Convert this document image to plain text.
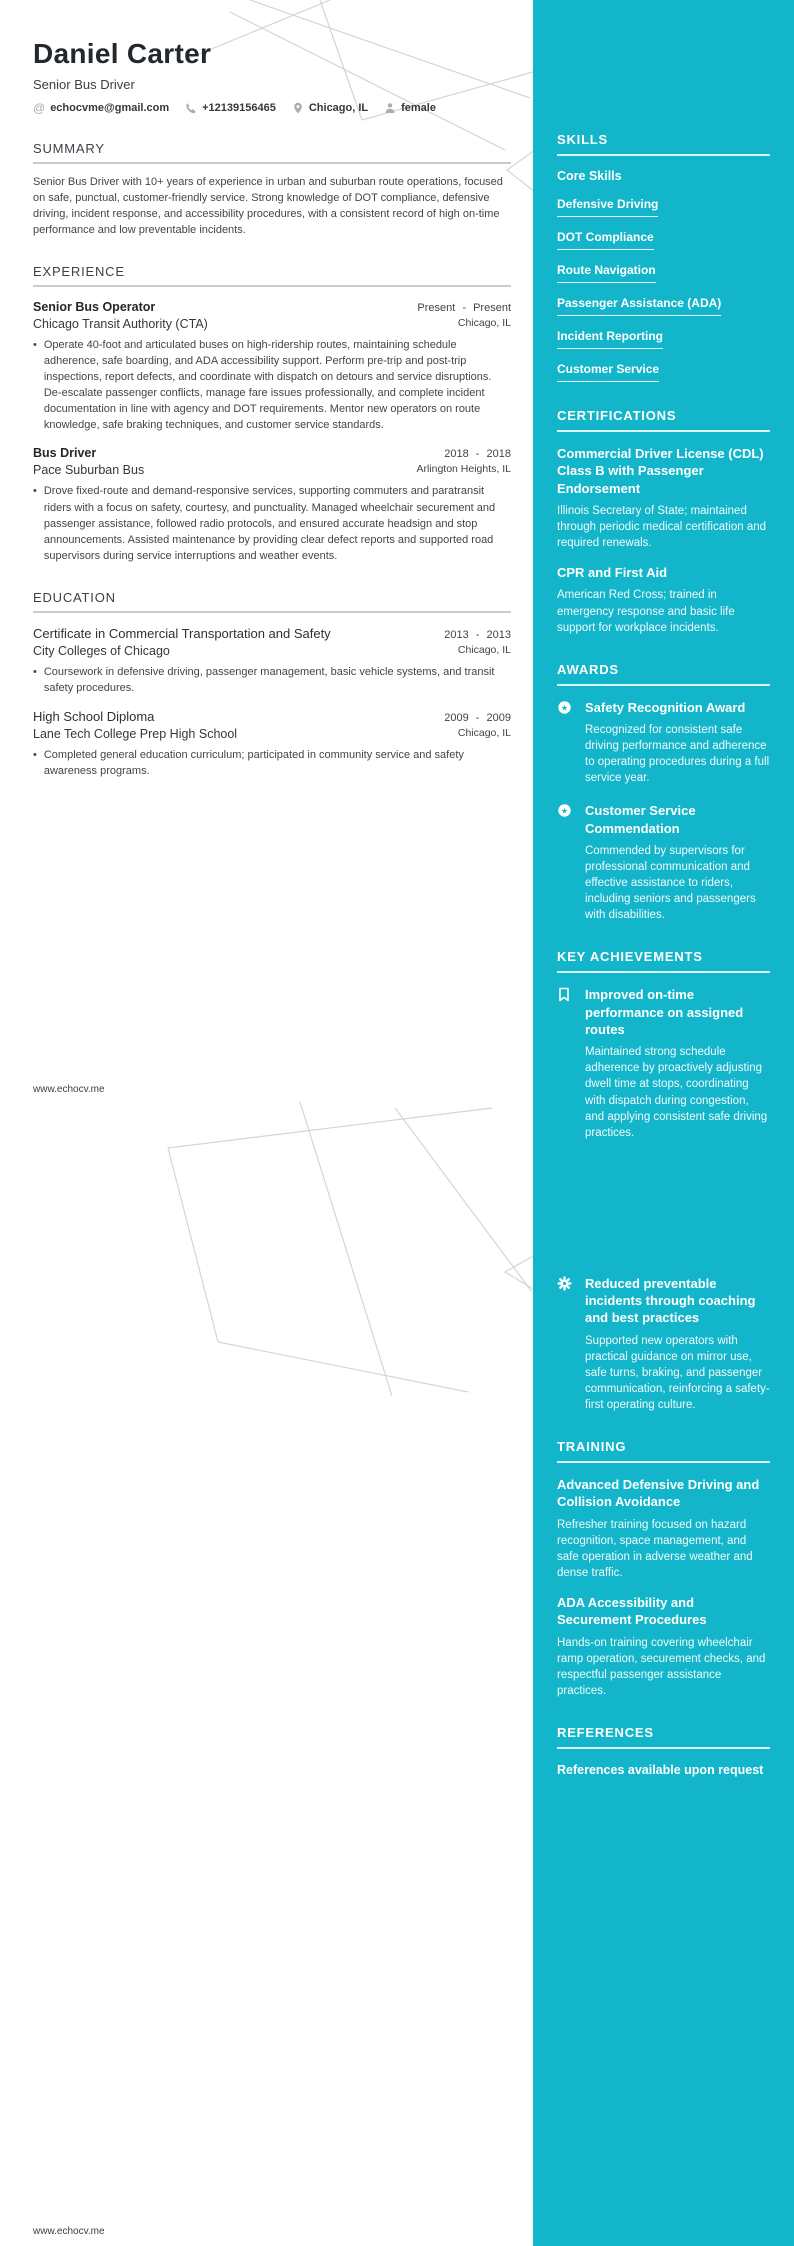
Daniel Carter
Senior Bus Driver
@ echocvme@gmail.com	+12139156465	Chicago, IL	female
SUMMARY

Senior Bus Driver with 10+ years of experience in urban and suburban route operations, focused on safe, punctual, customer-friendly service. Strong knowledge of DOT compliance, defensive driving, incident response, and accessibility procedures, with a consistent record of high on-time performance and low preventable incidents.

EXPERIENCE
Senior Bus Operator	Present - Present
Chicago Transit Authority (CTA)	Chicago, IL
• Operate 40-foot and articulated buses on high-ridership routes, maintaining schedule adherence, safe boarding, and ADA accessibility support. Perform pre-trip and post-trip inspections, report defects, and coordinate with dispatch on detours and service disruptions. De-escalate passenger conflicts, manage fare issues professionally, and complete incident documentation in line with agency and DOT requirements. Mentor new operators on route knowledge, safe braking techniques, and customer service standards.
Bus Driver	2018 - 2018
Pace Suburban Bus	Arlington Heights, IL
• Drove fixed-route and demand-responsive services, supporting commuters and paratransit riders with a focus on safety, courtesy, and punctuality. Managed wheelchair securement and passenger assistance, followed radio protocols, and ensured accurate headsign and stop announcements. Assisted maintenance by providing clear defect reports and supported road supervisors during service interruptions and weather events.
EDUCATION
Certificate in Commercial Transportation and Safety	2013 - 2013
City Colleges of Chicago	Chicago, IL
• Coursework in defensive driving, passenger management, basic vehicle systems, and transit safety procedures.
High School Diploma	2009 - 2009
Lane Tech College Prep High School	Chicago, IL
• Completed general education curriculum; participated in community service and safety awareness programs.
www.echocv.me
www.echocv.me
SKILLS
Core Skills
Defensive Driving
DOT Compliance
Route Navigation
Passenger Assistance (ADA)
Incident Reporting
Customer Service
CERTIFICATIONS
Commercial Driver License (CDL) Class B with Passenger Endorsement
Illinois Secretary of State; maintained through periodic medical certification and required renewals.
CPR and First Aid
American Red Cross; trained in emergency response and basic life support for workplace incidents.
AWARDS
★ Safety Recognition Award
Recognized for consistent safe driving performance and adherence to operating procedures during a full service year.
★ Customer Service Commendation
Commended by supervisors for professional communication and effective assistance to riders, including seniors and passengers with disabilities.
KEY ACHIEVEMENTS
Improved on-time performance on assigned routes
Maintained strong schedule adherence by proactively adjusting dwell time at stops, coordinating with dispatch during congestion, and applying consistent safe driving practices.
Reduced preventable incidents through coaching and best practices
Supported new operators with practical guidance on mirror use, safe turns, braking, and passenger communication, reinforcing a safety-first operating culture.
TRAINING
Advanced Defensive Driving and Collision Avoidance
Refresher training focused on hazard recognition, space management, and safe operation in adverse weather and dense traffic.
ADA Accessibility and Securement Procedures
Hands-on training covering wheelchair ramp operation, securement checks, and respectful passenger assistance practices.
REFERENCES
References available upon request
